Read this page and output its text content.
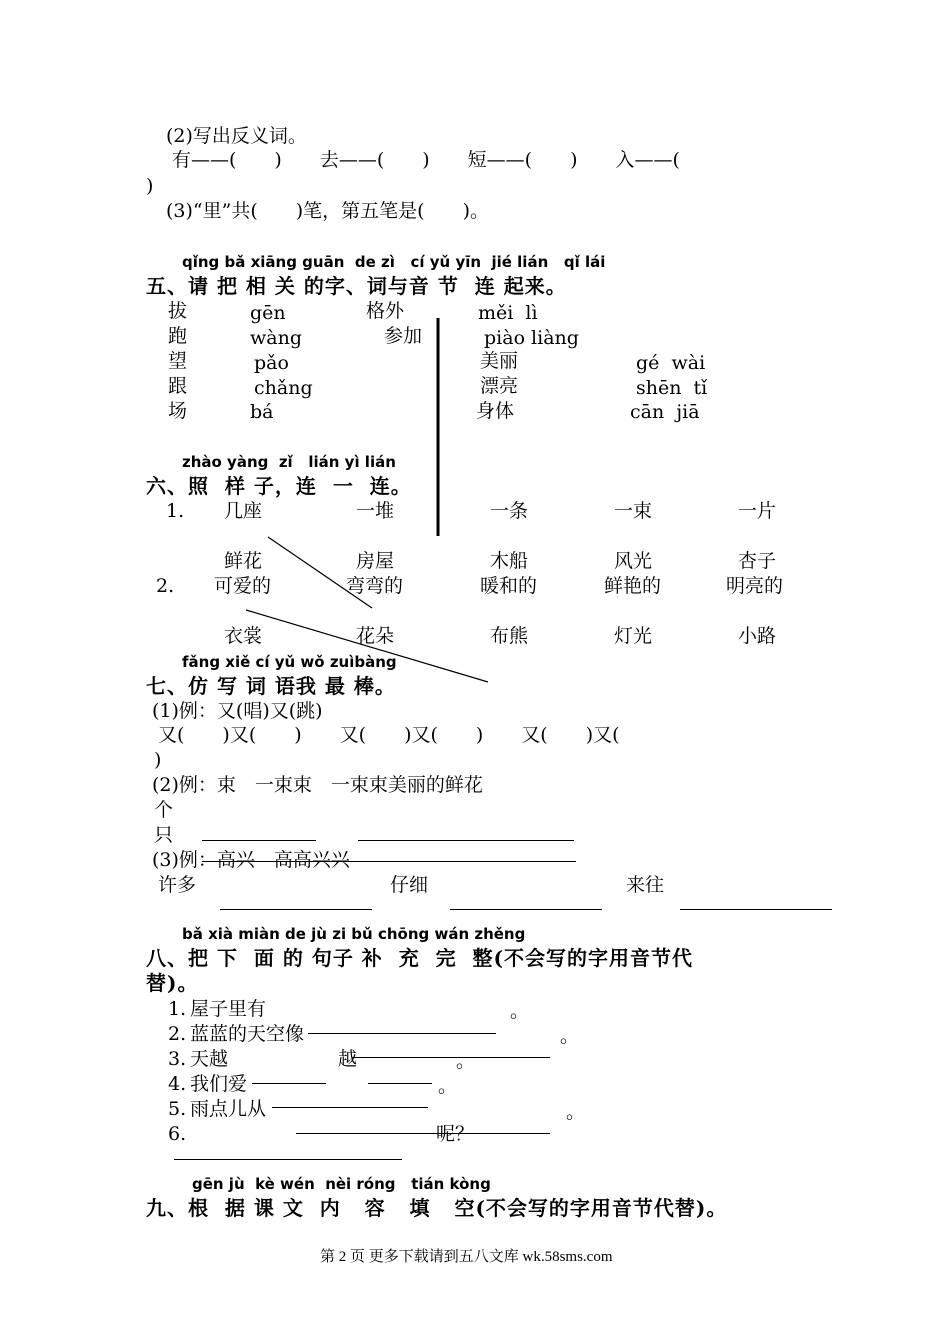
(2)写出反义词。
有——(　　)　　去——(　　)　　短——(　　)　　入——(
)
(3)“里”共(　　)笔，第五笔是(　　)。
qǐng bǎ xiāng guān  de zì   cí yǔ yīn  jié lián   qǐ lái
五、请 把 相 关 的字、词与音 节  连 起来。
拔
跑
望
跟
场
gēn
wàng
pǎo
chǎng
bá
格外
参加
měi  lì
piào liàng
美丽
漂亮
身体
gé  wài
shēn  tǐ
cān  jiā
zhào yàng  zǐ   lián yì lián
六、照  样 子，连  一  连。
1. 几座	一堆	一条	一束	一片
鲜花	房屋	木船	风光	杏子
2. 可爱的	弯弯的	暖和的	鲜艳的	明亮的
衣裳	花朵	布熊	灯光	小路
fǎng xiě cí yǔ wǒ zuìbàng
七、仿 写 词 语我 最 棒。
(1)例：又(唱)又(跳)
又(　　)又(　　)　　又(　　)又(　　)　　又(　　)又(
)
(2)例：束　一束束　一束束美丽的鲜花
个
只
(3)例：高兴　高高兴兴
许多	仔细	来往
bǎ xià miàn de jù zi bǔ chōng wán zhěng
八、把 下  面 的 句子 补  充  完  整(不会写的字用音节代
替)。
1. 屋子里有	。
2. 蓝蓝的天空像	。
3. 天越	越	。
4. 我们爱	。
5. 雨点儿从	。
6.	呢？
gēn jù  kè wén  nèi róng   tián kòng
九、根  据 课 文  内   容   填   空(不会写的字用音节代替)。
第 2 页 更多下载请到五八文库 wk.58sms.com
